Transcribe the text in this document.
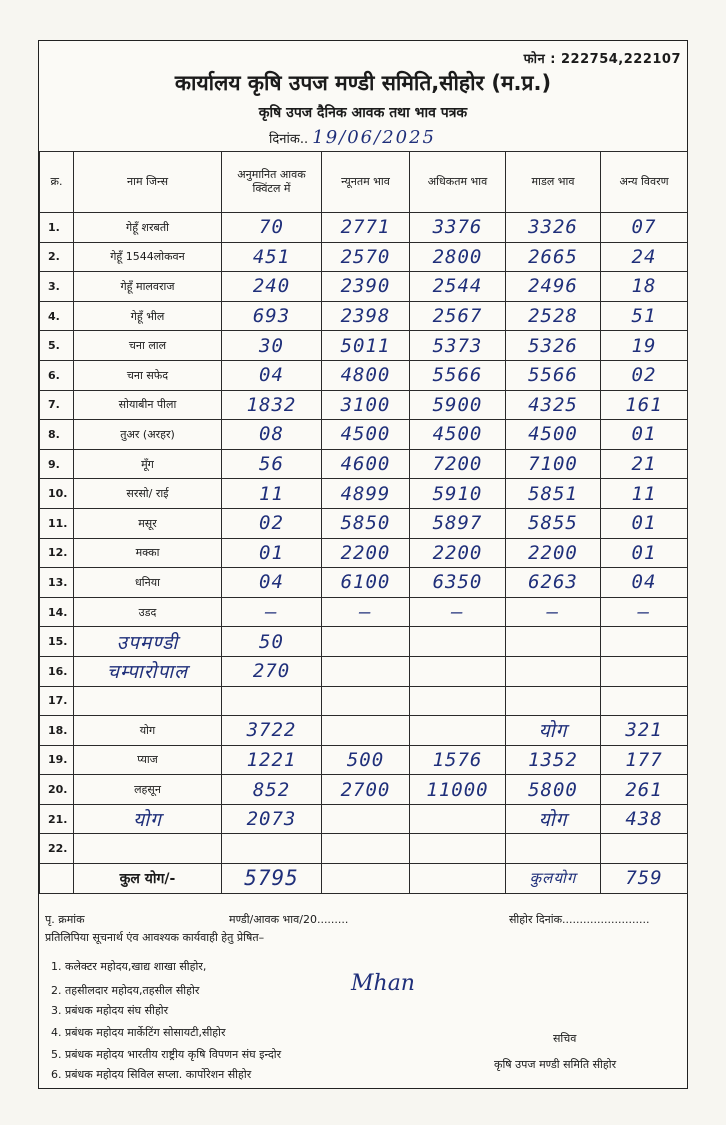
फोन : 222754,222107
कार्यालय कृषि उपज मण्डी समिति,सीहोर (म.प्र.)
कृषि उपज दैनिक आवक तथा भाव पत्रक
दिनांक.. 19/06/2025
क्र.	नाम जिन्स	अनुमानित आवक क्विंटल में	न्यूनतम भाव	अधिकतम भाव	माडल भाव	अन्य विवरण
1.	गेहूँ शरबती	70	2771	3376	3326	07
2.	गेहूँ 1544लोकवन	451	2570	2800	2665	24
3.	गेहूँ मालवराज	240	2390	2544	2496	18
4.	गेहूँ भील	693	2398	2567	2528	51
5.	चना लाल	30	5011	5373	5326	19
6.	चना सफेद	04	4800	5566	5566	02
7.	सोयाबीन पीला	1832	3100	5900	4325	161
8.	तुअर (अरहर)	08	4500	4500	4500	01
9.	मूँग	56	4600	7200	7100	21
10.	सरसो/ राई	11	4899	5910	5851	11
11.	मसूर	02	5850	5897	5855	01
12.	मक्का	01	2200	2200	2200	01
13.	धनिया	04	6100	6350	6263	04
14.	उडद	—	—	—	—	—
15.	उपमण्डी	50				
16.	चम्पारोपाल	270				
17.						
18.	योग	3722			योग	321
19.	प्याज	1221	500	1576	1352	177
20.	लहसून	852	2700	11000	5800	261
21.	योग	2073			योग	438
22.						
	कुल योग/-	5795			कुलयोग	759
पृ. क्रमांक	मण्डी/आवक भाव/20.........	सीहोर दिनांक.........................
प्रतिलिपिया सूचनार्थ एंव आवश्यक कार्यवाही हेतु प्रेषित–
1. कलेक्टर महोदय,खाद्य शाखा सीहोर,
2. तहसीलदार महोदय,तहसील सीहोर
3. प्रबंधक महोदय संघ सीहोर
4. प्रबंधक महोदय मार्केटिंग सोसायटी,सीहोर
5. प्रबंधक महोदय भारतीय राष्ट्रीय कृषि विपणन संघ इन्दोर
6. प्रबंधक महोदय सिविल सप्ला. कार्पोरेशन सीहोर
Mhan
सचिव
कृषि उपज मण्डी समिति सीहोर
